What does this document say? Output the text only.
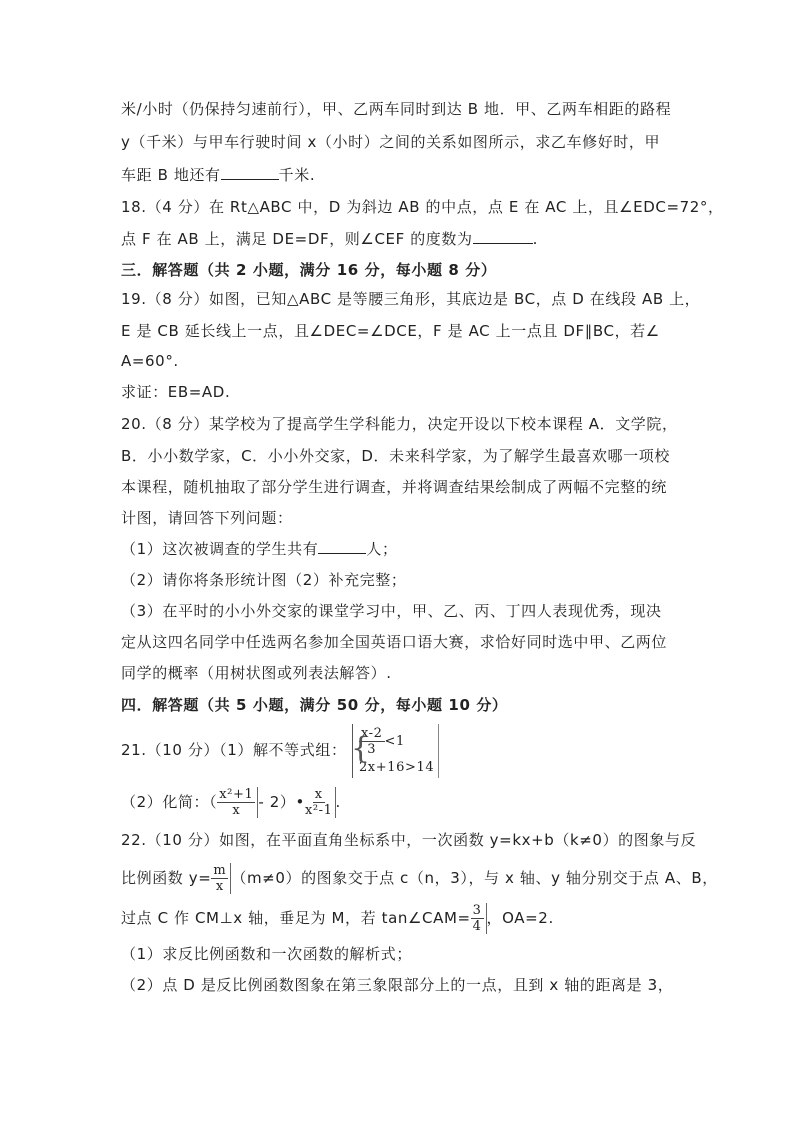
米/小时（仍保持匀速前行），甲、乙两车同时到达 B 地．甲、乙两车相距的路程
y（千米）与甲车行驶时间 x（小时）之间的关系如图所示，求乙车修好时，甲
车距 B 地还有	千米.
18.（4 分）在 Rt△ABC 中，D 为斜边 AB 的中点，点 E 在 AC 上，且∠EDC=72°，
点 F 在 AB 上，满足 DE=DF，则∠CEF 的度数为	.
三．解答题（共 2 小题，满分 16 分，每小题 8 分）
19.（8 分）如图，已知△ABC 是等腰三角形，其底边是 BC，点 D 在线段 AB 上，
E 是 CB 延长线上一点，且∠DEC=∠DCE，F 是 AC 上一点且 DF∥BC，若∠
A=60°.
求证：EB=AD.
20.（8 分）某学校为了提高学生学科能力，决定开设以下校本课程 A．文学院，
B．小小数学家，C．小小外交家，D．未来科学家，为了解学生最喜欢哪一项校
本课程，随机抽取了部分学生进行调查，并将调查结果绘制成了两幅不完整的统
计图，请回答下列问题：
（1）这次被调查的学生共有	人；
（2）请你将条形统计图（2）补充完整；
（3）在平时的小小外交家的课堂学习中，甲、乙、丙、丁四人表现优秀，现决
定从这四名同学中任选两名参加全国英语口语大赛，求恰好同时选中甲、乙两位
同学的概率（用树状图或列表法解答）.
四．解答题（共 5 小题，满分 50 分，每小题 10 分）
21.（10 分）（1）解不等式组：
{ $\frac{x-2}{3} <1$
2x+16>14
（2）化简：（ $\frac{\text{x²+1}}{x}$ - 2）• $\frac{x}{\text{x²-1}}$ .
22.（10 分）如图，在平面直角坐标系中，一次函数 y=kx+b（k≠0）的图象与反
比例函数 $y= \frac{m}{x} (m\ne 0)$的图象交于点 c（n，3），与 x 轴、y 轴分别交于点 A、B，
过点 C 作 CM⊥x 轴，垂足为 M，若 tan∠CAM= $\frac{3}{4}$ ，OA=2.
（1）求反比例函数和一次函数的解析式；
（2）点 D 是反比例函数图象在第三象限部分上的一点，且到 x 轴的距离是 3，
